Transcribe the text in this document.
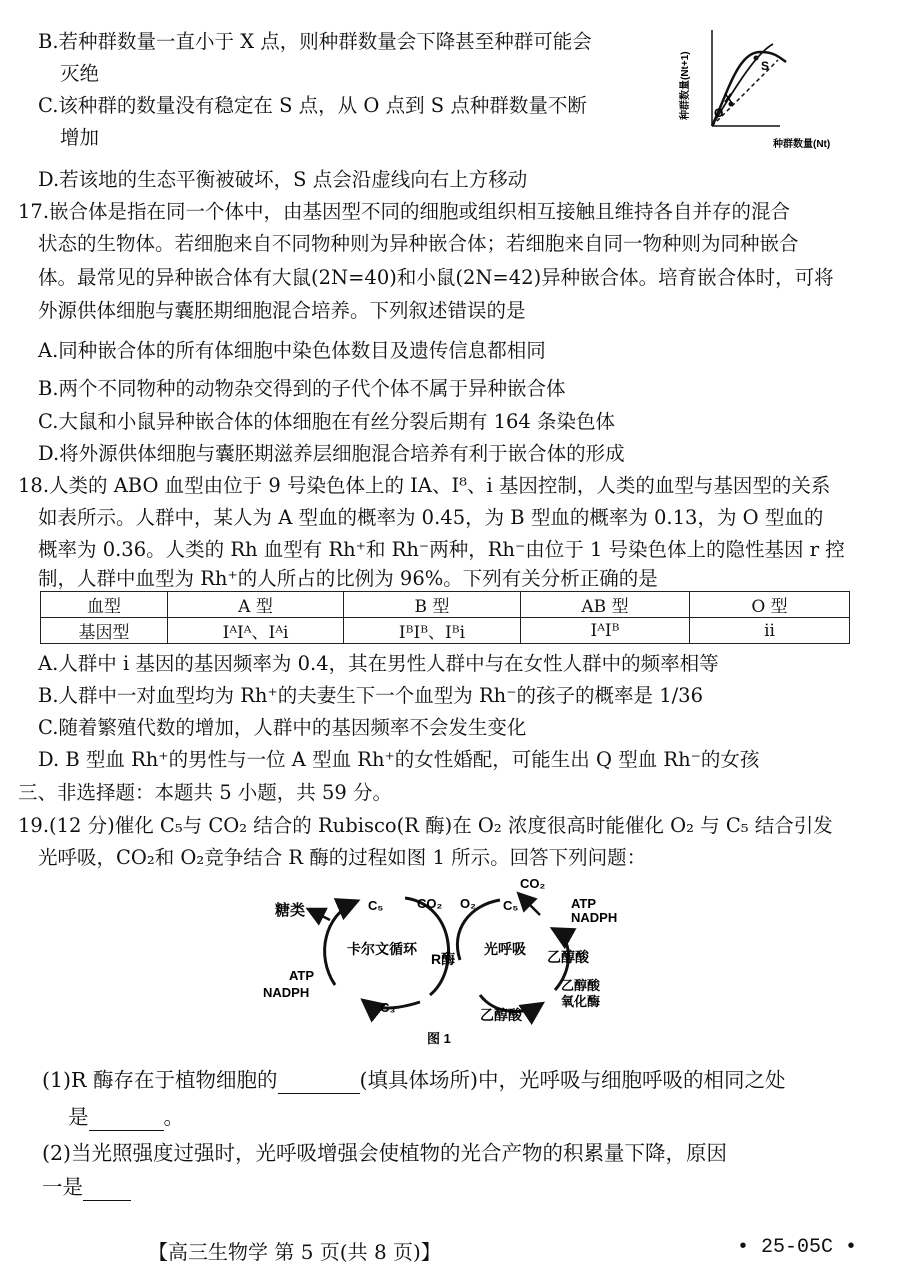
B.若种群数量一直小于 X 点，则种群数量会下降甚至种群可能会
灭绝
C.该种群的数量没有稳定在 S 点，从 O 点到 S 点种群数量不断
增加
D.若该地的生态平衡被破坏，S 点会沿虚线向右上方移动
O
X
S
种群数量(Nt+1)
种群数量(Nt)
17.嵌合体是指在同一个体中，由基因型不同的细胞或组织相互接触且维持各自并存的混合
状态的生物体。若细胞来自不同物种则为异种嵌合体；若细胞来自同一物种则为同种嵌合
体。最常见的异种嵌合体有大鼠(2N=40)和小鼠(2N=42)异种嵌合体。培育嵌合体时，可将
外源供体细胞与囊胚期细胞混合培养。下列叙述错误的是
A.同种嵌合体的所有体细胞中染色体数目及遗传信息都相同
B.两个不同物种的动物杂交得到的子代个体不属于异种嵌合体
C.大鼠和小鼠异种嵌合体的体细胞在有丝分裂后期有 164 条染色体
D.将外源供体细胞与囊胚期滋养层细胞混合培养有利于嵌合体的形成
18.人类的 ABO 血型由位于 9 号染色体上的 IA、I⁸、i 基因控制，人类的血型与基因型的关系
如表所示。人群中，某人为 A 型血的概率为 0.45，为 B 型血的概率为 0.13，为 O 型血的
概率为 0.36。人类的 Rh 血型有 Rh⁺和 Rh⁻两种，Rh⁻由位于 1 号染色体上的隐性基因 r 控
制，人群中血型为 Rh⁺的人所占的比例为 96%。下列有关分析正确的是
血型	A 型	B 型	AB 型	O 型
基因型	IᴬIᴬ、Iᴬi	IᴮIᴮ、Iᴮi	IᴬIᴮ	ii
A.人群中 i 基因的基因频率为 0.4，其在男性人群中与在女性人群中的频率相等
B.人群中一对血型均为 Rh⁺的夫妻生下一个血型为 Rh⁻的孩子的概率是 1/36
C.随着繁殖代数的增加，人群中的基因频率不会发生变化
D. B 型血 Rh⁺的男性与一位 A 型血 Rh⁺的女性婚配，可能生出 Q 型血 Rh⁻的女孩
三、非选择题：本题共 5 小题，共 59 分。
19.(12 分)催化 C₅与 CO₂ 结合的 Rubisco(R 酶)在 O₂ 浓度很高时能催化 O₂ 与 C₅ 结合引发
光呼吸，CO₂和 O₂竞争结合 R 酶的过程如图 1 所示。回答下列问题：
糖类	C₅	CO₂ O₂ C₅
CO₂
ATP
NADPH
卡尔文循环
R酶
光呼吸 乙醇酸
ATP
NADPH
C₃	乙醇酸
乙醇酸
氧化酶
图 1
(1)R 酶存在于植物细胞的	(填具体场所)中，光呼吸与细胞呼吸的相同之处
是	。
(2)当光照强度过强时，光呼吸增强会使植物的光合产物的积累量下降，原因
一是
【高三生物学 第 5 页(共 8 页)】	• 25-05C •
